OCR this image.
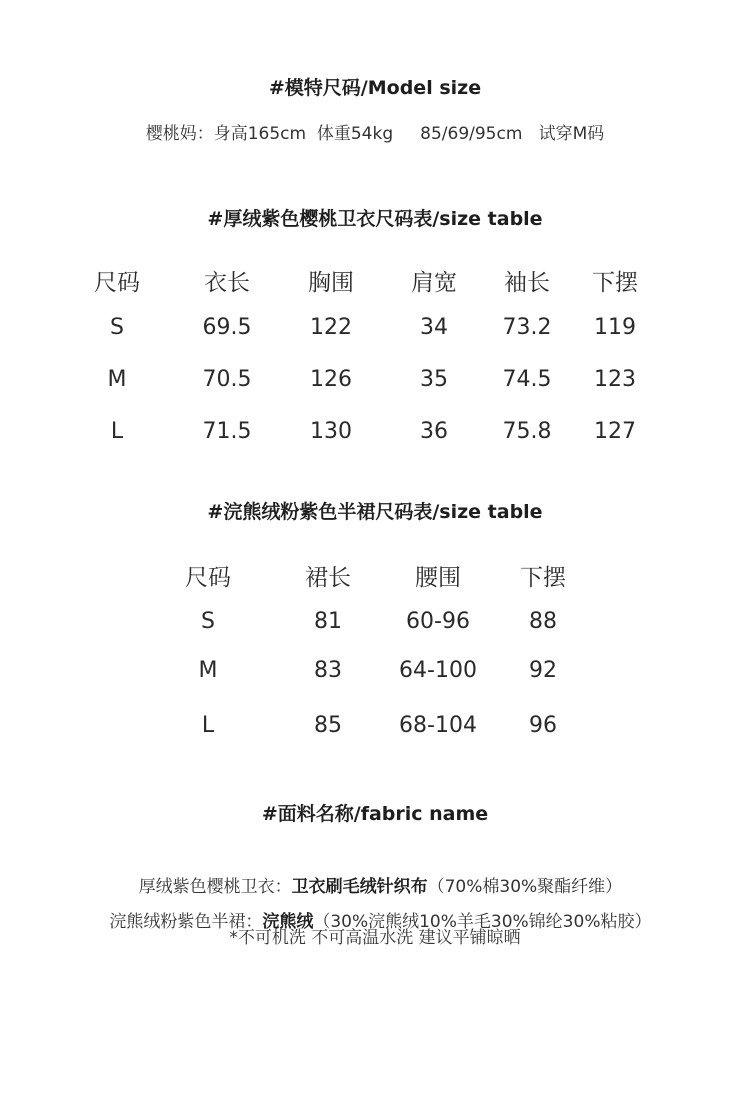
#模特尺码/Model size
樱桃妈：身高165cm  体重54kg     85/69/95cm   试穿M码
#厚绒紫色樱桃卫衣尺码表/size table
尺码	衣长	胸围 肩宽 袖长 下摆
S	69.5	122	34 73.2 119
M	70.5	126	35 74.5 123
L	71.5	130	36 75.8 127
#浣熊绒粉紫色半裙尺码表/size table
尺码	裙长	腰围	下摆
S	81	60-96	88
M	83	64-100 92
L	85	68-104 96
#面料名称/fabric name

厚绒紫色樱桃卫衣：卫衣刷毛绒针织布（70%棉30%聚酯纤维）

浣熊绒粉紫色半裙：浣熊绒（30%浣熊绒10%羊毛30%锦纶30%粘胶）

*不可机洗 不可高温水洗 建议平铺晾晒
